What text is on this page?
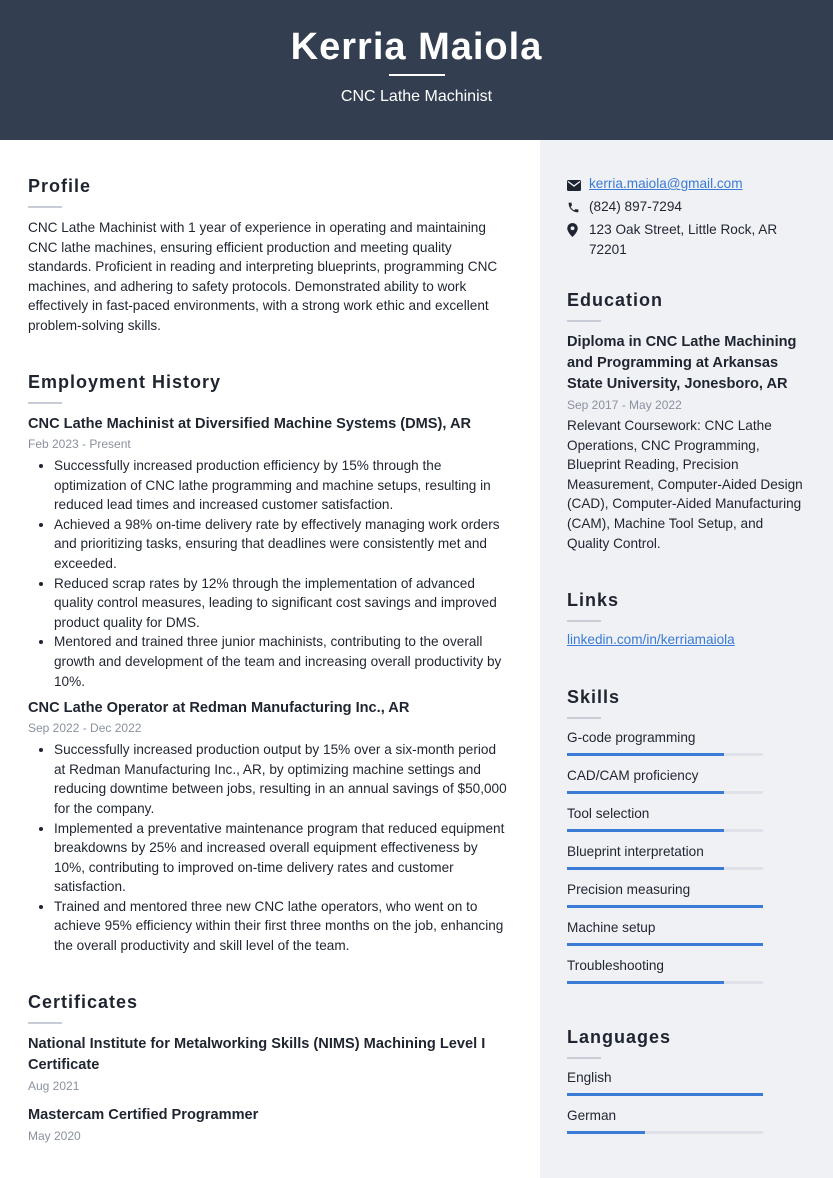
Kerria Maiola
CNC Lathe Machinist
Profile
CNC Lathe Machinist with 1 year of experience in operating and maintaining CNC lathe machines, ensuring efficient production and meeting quality standards. Proficient in reading and interpreting blueprints, programming CNC machines, and adhering to safety protocols. Demonstrated ability to work effectively in fast-paced environments, with a strong work ethic and excellent problem-solving skills.
Employment History
CNC Lathe Machinist at Diversified Machine Systems (DMS), AR
Feb 2023 - Present
Successfully increased production efficiency by 15% through the optimization of CNC lathe programming and machine setups, resulting in reduced lead times and increased customer satisfaction.
Achieved a 98% on-time delivery rate by effectively managing work orders and prioritizing tasks, ensuring that deadlines were consistently met and exceeded.
Reduced scrap rates by 12% through the implementation of advanced quality control measures, leading to significant cost savings and improved product quality for DMS.
Mentored and trained three junior machinists, contributing to the overall growth and development of the team and increasing overall productivity by 10%.
CNC Lathe Operator at Redman Manufacturing Inc., AR
Sep 2022 - Dec 2022
Successfully increased production output by 15% over a six-month period at Redman Manufacturing Inc., AR, by optimizing machine settings and reducing downtime between jobs, resulting in an annual savings of $50,000 for the company.
Implemented a preventative maintenance program that reduced equipment breakdowns by 25% and increased overall equipment effectiveness by 10%, contributing to improved on-time delivery rates and customer satisfaction.
Trained and mentored three new CNC lathe operators, who went on to achieve 95% efficiency within their first three months on the job, enhancing the overall productivity and skill level of the team.
Certificates
National Institute for Metalworking Skills (NIMS) Machining Level I Certificate
Aug 2021
Mastercam Certified Programmer
May 2020
kerria.maiola@gmail.com
(824) 897-7294
123 Oak Street, Little Rock, AR 72201
Education
Diploma in CNC Lathe Machining and Programming at Arkansas State University, Jonesboro, AR
Sep 2017 - May 2022
Relevant Coursework: CNC Lathe Operations, CNC Programming, Blueprint Reading, Precision Measurement, Computer-Aided Design (CAD), Computer-Aided Manufacturing (CAM), Machine Tool Setup, and Quality Control.
Links
linkedin.com/in/kerriamaiola
Skills
G-code programming
CAD/CAM proficiency
Tool selection
Blueprint interpretation
Precision measuring
Machine setup
Troubleshooting
Languages
English
German
